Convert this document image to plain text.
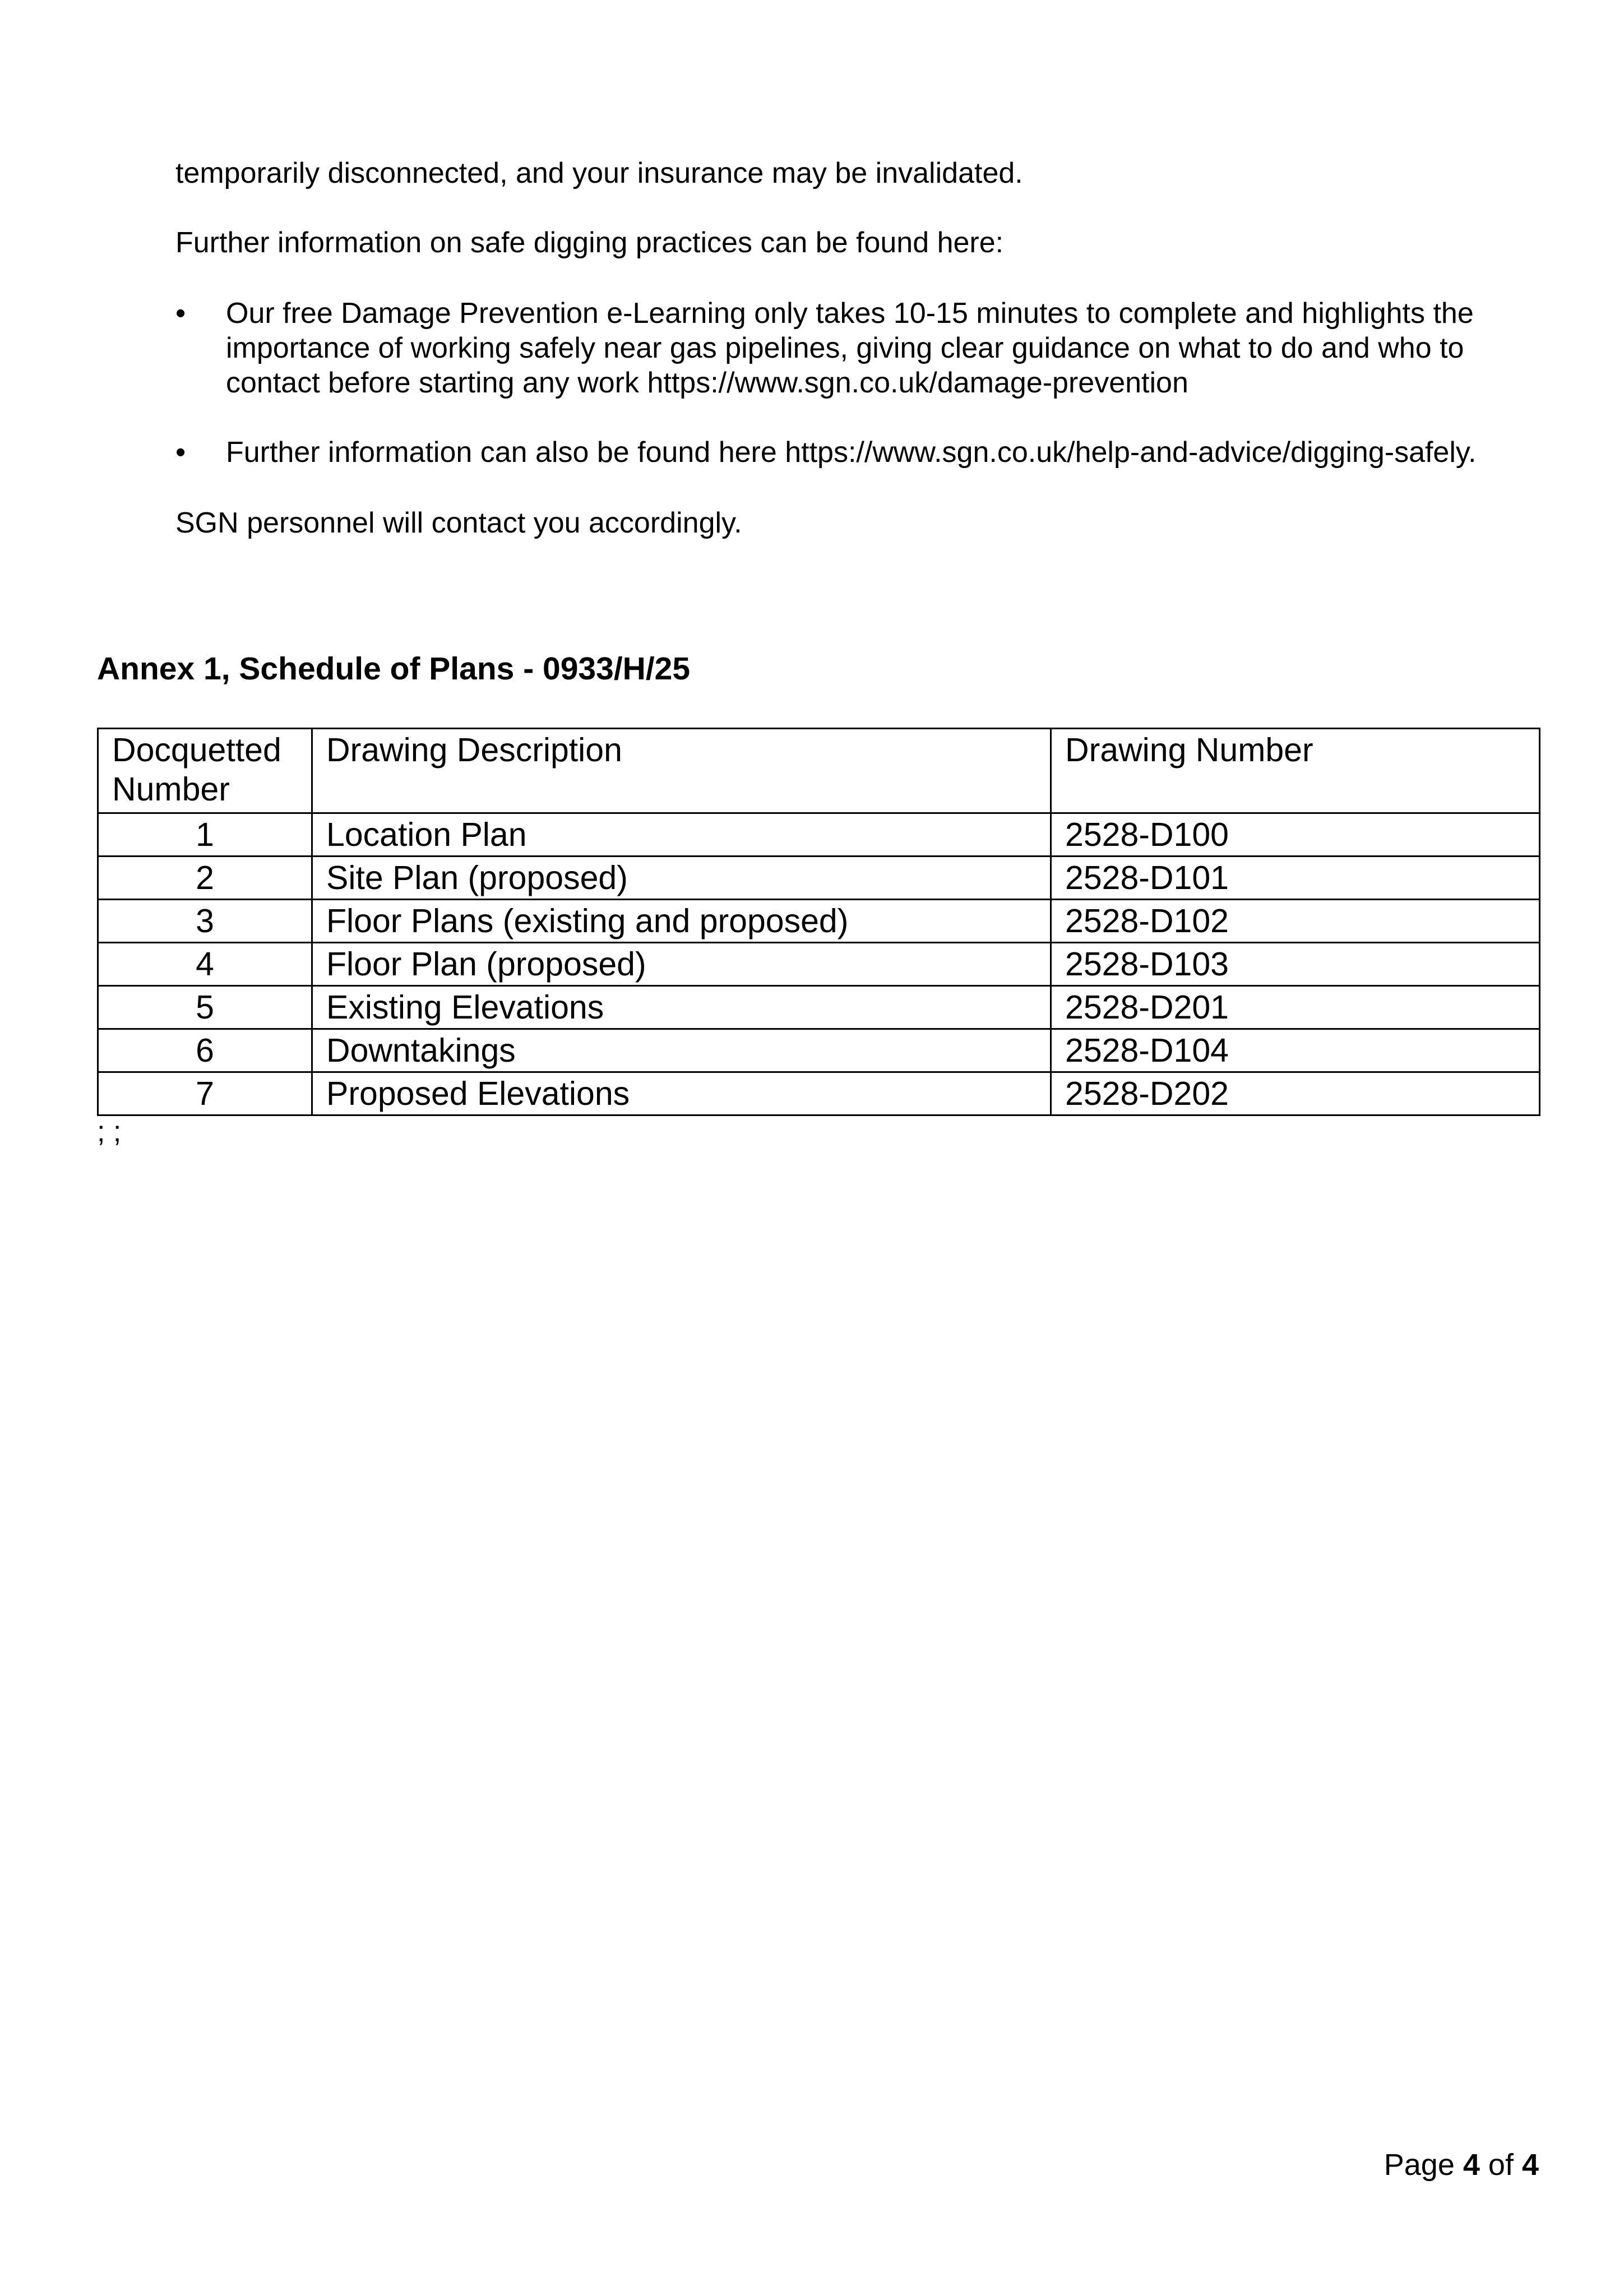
temporarily disconnected, and your insurance may be invalidated.

Further information on safe digging practices can be found here:

•	Our free Damage Prevention e-Learning only takes 10-15 minutes to complete and highlights the importance of working safely near gas pipelines, giving clear guidance on what to do and who to contact before starting any work https://www.sgn.co.uk/damage-prevention
•	Further information can also be found here https://www.sgn.co.uk/help-and-advice/digging-safely.

SGN personnel will contact you accordingly.

Annex 1, Schedule of Plans - 0933/H/25
Docquetted Number	Drawing Description	Drawing Number
1	Location Plan	2528-D100
2	Site Plan (proposed)	2528-D101
3	Floor Plans (existing and proposed)	2528-D102
4	Floor Plan (proposed)	2528-D103
5	Existing Elevations	2528-D201
6	Downtakings	2528-D104
7	Proposed Elevations	2528-D202

; ;

Page 4 of 4
